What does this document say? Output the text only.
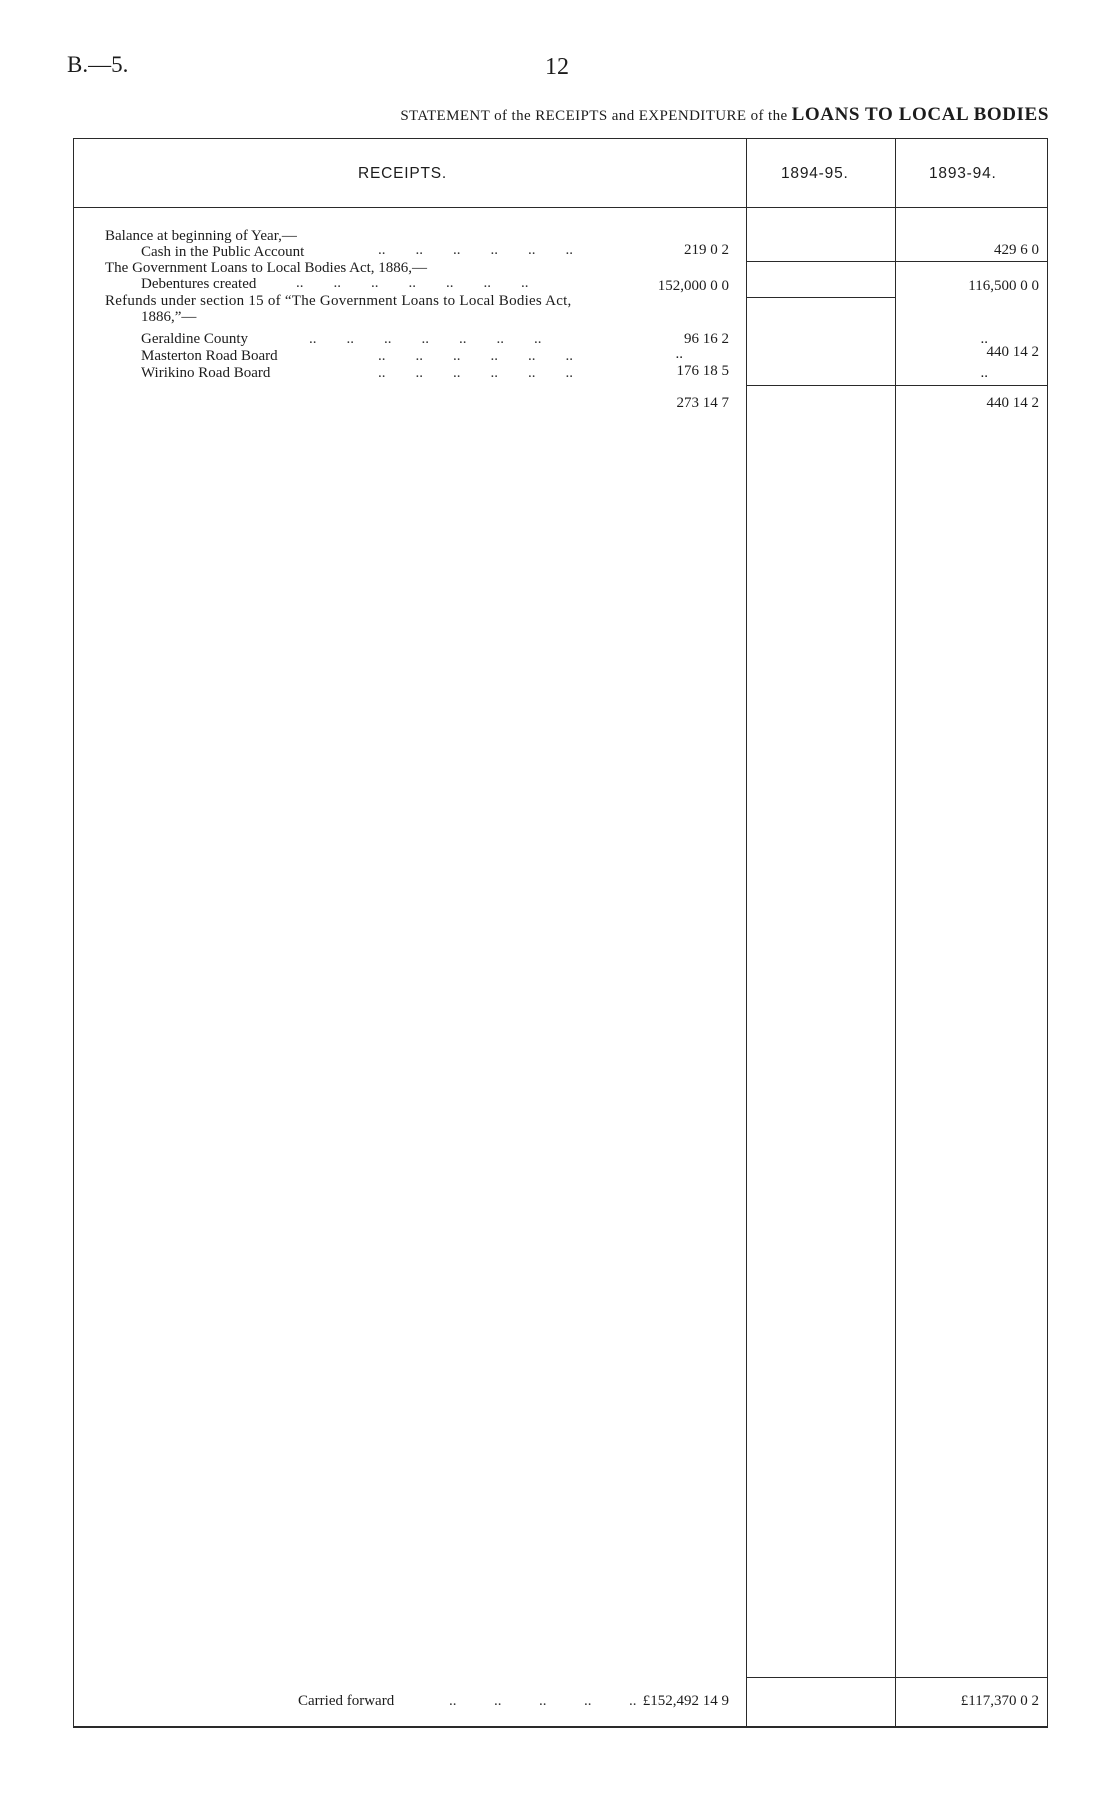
B.—5.	12
STATEMENT of the RECEIPTS and EXPENDITURE of the LOANS TO LOCAL BODIES
RECEIPTS.	1894-95.	1893-94.
Balance at beginning of Year,—
Cash in the Public Account	..        ..        ..        ..        ..        ..	219 0 2	429 6 0
The Government Loans to Local Bodies Act, 1886,—
Debentures created	..        ..        ..        ..        ..        ..        ..	152,000 0 0	116,500 0 0
Refunds under section 15 of “The Government Loans to Local Bodies Act,
1886,”—
Geraldine County	..        ..        ..        ..        ..        ..        ..	96 16 2	..
Masterton Road Board	..        ..        ..        ..        ..        ..	..	440 14 2
Wirikino Road Board	..        ..        ..        ..        ..        ..	176 18 5	..
273 14 7	440 14 2
Carried forward	..          ..          ..          ..          .. £152,492 14 9	£117,370 0 2
